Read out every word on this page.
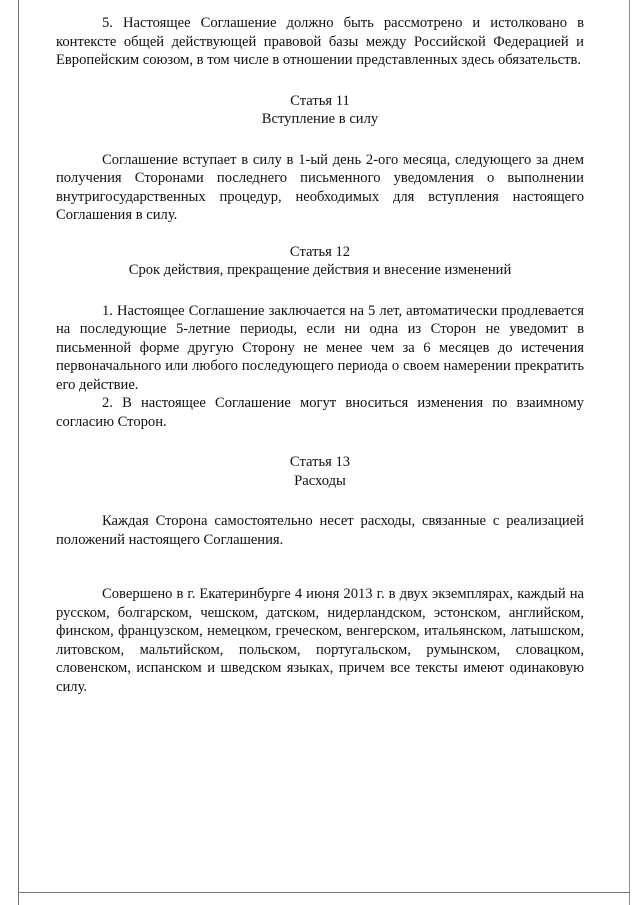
5. Настоящее Соглашение должно быть рассмотрено и истолковано в контексте общей действующей правовой базы между Российской Федерацией и Европейским союзом, в том числе в отношении представленных здесь обязательств.

Статья 11

Вступление в силу

Соглашение вступает в силу в 1-ый день 2-ого месяца, следующего за днем получения Сторонами последнего письменного уведомления о выполнении внутригосударственных процедур, необходимых для вступления настоящего Соглашения в силу.

Статья 12

Срок действия, прекращение действия и внесение изменений

1. Настоящее Соглашение заключается на 5 лет, автоматически продлевается на последующие 5-летние периоды, если ни одна из Сторон не уведомит в письменной форме другую Сторону не менее чем за 6 месяцев до истечения первоначального или любого последующего периода о своем намерении прекратить его действие.

2. В настоящее Соглашение могут вноситься изменения по взаимному согласию Сторон.

Статья 13

Расходы

Каждая Сторона самостоятельно несет расходы, связанные с реализацией положений настоящего Соглашения.

Совершено в г. Екатеринбурге 4 июня 2013 г. в двух экземплярах, каждый на русском, болгарском, чешском, датском, нидерландском, эстонском, английском, финском, французском, немецком, греческом, венгерском, итальянском, латышском, литовском, мальтийском, польском, португальском, румынском, словацком, словенском, испанском и шведском языках, причем все тексты имеют одинаковую силу.
